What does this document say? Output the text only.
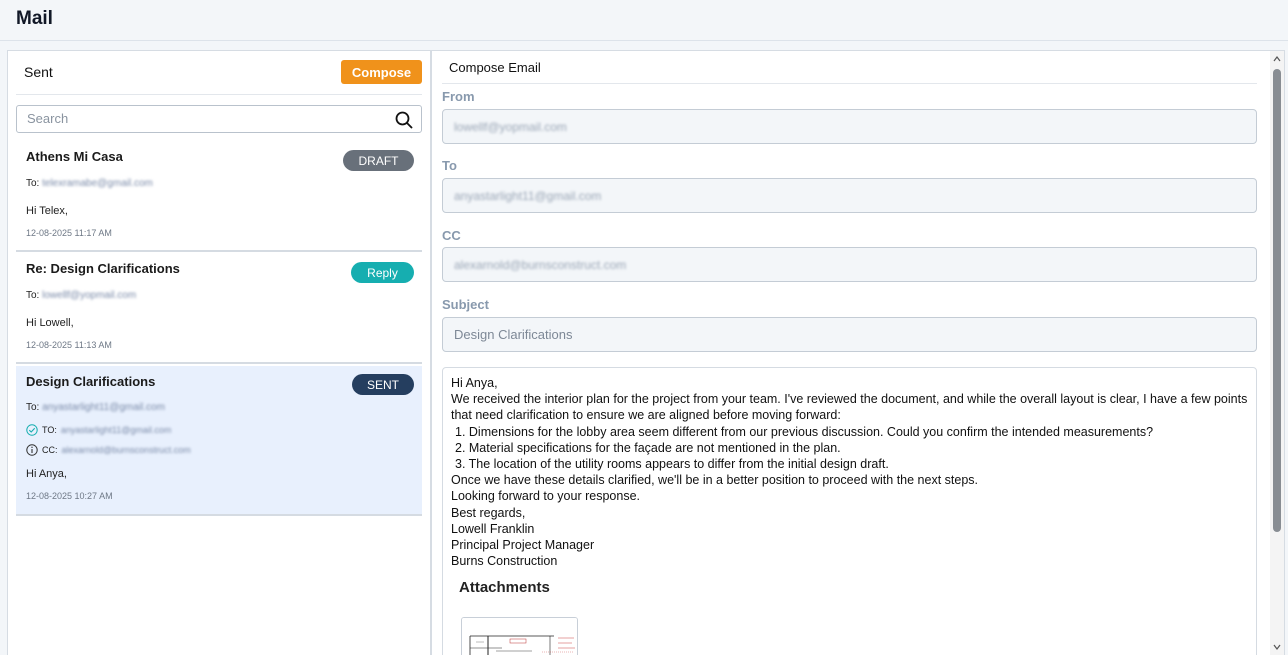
Mail
Sent	Compose
Search
Athens Mi Casa	DRAFT
To: telexramabe@gmail.com
Hi Telex,
12-08-2025 11:17 AM
Re: Design Clarifications	Reply
To: lowellf@yopmail.com
Hi Lowell,
12-08-2025 11:13 AM
Design Clarifications	SENT
To: anyastarlight11@gmail.com
TO: anyastarlight11@gmail.com
CC: alexarnold@burnsconstruct.com
Hi Anya,
12-08-2025 10:27 AM
Compose Email
From
lowellf@yopmail.com
To
anyastarlight11@gmail.com
CC
alexarnold@burnsconstruct.com
Subject
Design Clarifications
Hi Anya,
We received the interior plan for the project from your team. I've reviewed the document, and while the overall layout is clear, I have a few points that need clarification to ensure we are aligned before moving forward:
1. Dimensions for the lobby area seem different from our previous discussion. Could you confirm the intended measurements?
2. Material specifications for the façade are not mentioned in the plan.
3. The location of the utility rooms appears to differ from the initial design draft.
Once we have these details clarified, we'll be in a better position to proceed with the next steps.
Looking forward to your response.
Best regards,
Lowell Franklin
Principal Project Manager
Burns Construction
Attachments
